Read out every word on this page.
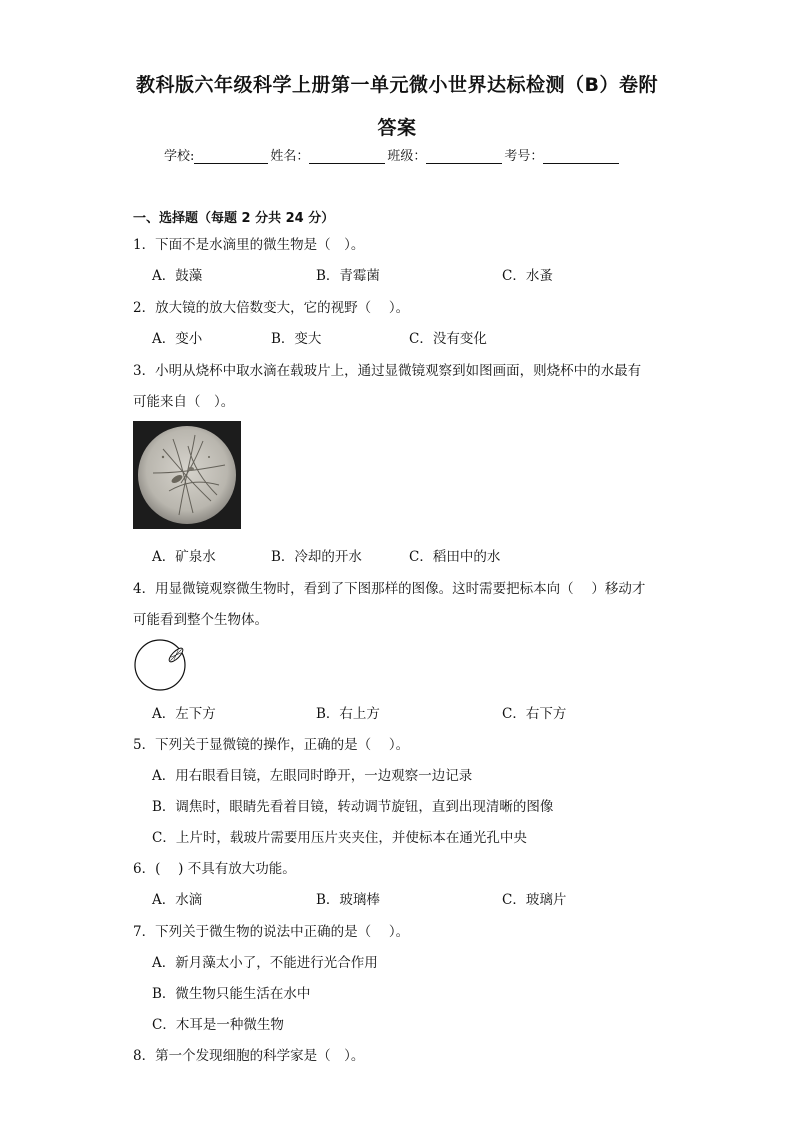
教科版六年级科学上册第一单元微小世界达标检测（B）卷附
答案
学校:	姓名：	班级：	考号：
一、选择题（每题 2 分共 24 分）
1．下面不是水滴里的微生物是（　）。
A．鼓藻	B．青霉菌	C．水蚤
2．放大镜的放大倍数变大，它的视野（　 ）。
A．变小	B．变大	C．没有变化
3．小明从烧杯中取水滴在载玻片上，通过显微镜观察到如图画面，则烧杯中的水最有
可能来自（　）。
A．矿泉水	B．冷却的开水	C．稻田中的水
4．用显微镜观察微生物时，看到了下图那样的图像。这时需要把标本向（　 ）移动才
可能看到整个生物体。
A．左下方	B．右上方	C．右下方
5．下列关于显微镜的操作，正确的是（　 ）。
A．用右眼看目镜，左眼同时睁开，一边观察一边记录
B．调焦时，眼睛先看着目镜，转动调节旋钮，直到出现清晰的图像
C．上片时，载玻片需要用压片夹夹住，并使标本在通光孔中央
6．(　 ) 不具有放大功能。
A．水滴	B．玻璃棒	C．玻璃片
7．下列关于微生物的说法中正确的是（　 ）。
A．新月藻太小了，不能进行光合作用
B．微生物只能生活在水中
C．木耳是一种微生物
8．第一个发现细胞的科学家是（　）。
